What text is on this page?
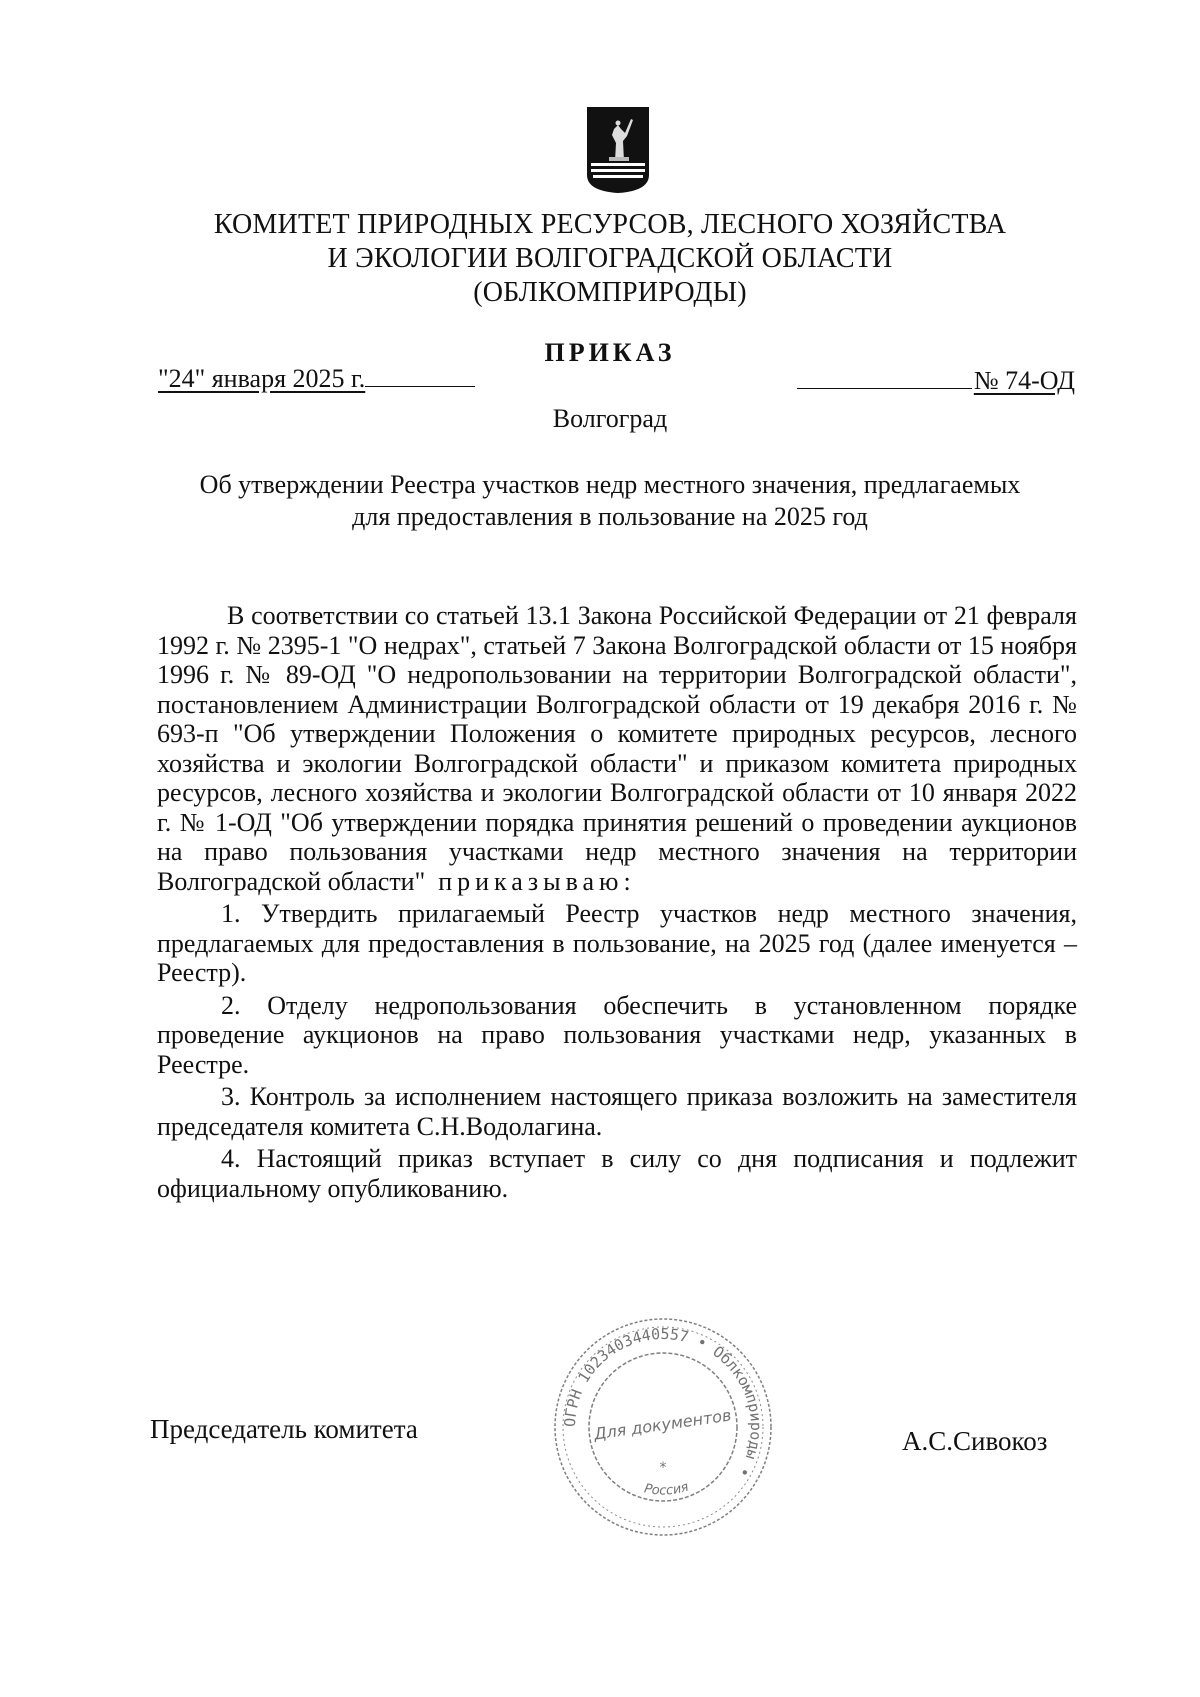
КОМИТЕТ ПРИРОДНЫХ РЕСУРСОВ, ЛЕСНОГО ХОЗЯЙСТВА
И ЭКОЛОГИИ ВОЛГОГРАДСКОЙ ОБЛАСТИ
(ОБЛКОМПРИРОДЫ)
ПРИКАЗ
"24" января 2025 г.	№ 74-ОД
Волгоград
Об утверждении Реестра участков недр местного значения, предлагаемых
для предоставления в пользование на 2025 год

В соответствии со статьей 13.1 Закона Российской Федерации от 21 февраля 1992 г. № 2395-1 "О недрах", статьей 7 Закона Волгоградской области от 15 ноября 1996 г. № 89-ОД "О недропользовании на территории Волгоградской области", постановлением Администрации Волгоградской области от 19 декабря 2016 г. № 693-п "Об утверждении Положения о комитете природных ресурсов, лесного хозяйства и экологии Волгоградской области" и приказом комитета природных ресурсов, лесного хозяйства и экологии Волгоградской области от 10 января 2022 г. № 1-ОД "Об утверждении порядка принятия решений о проведении аукционов на право пользования участками недр местного значения на территории Волгоградской области" приказываю:

1. Утвердить прилагаемый Реестр участков недр местного значения, предлагаемых для предоставления в пользование, на 2025 год (далее именуется – Реестр).

2. Отделу недропользования обеспечить в установленном порядке проведение аукционов на право пользования участками недр, указанных в Реестре.

3. Контроль за исполнением настоящего приказа возложить на заместителя председателя комитета С.Н.Водолагина.

4. Настоящий приказ вступает в силу со дня подписания и подлежит официальному опубликованию.

Председатель комитета	ОГРН 1023403440557 • Облкомприроды •
Для документов
*
Россия
А.С.Сивокоз
